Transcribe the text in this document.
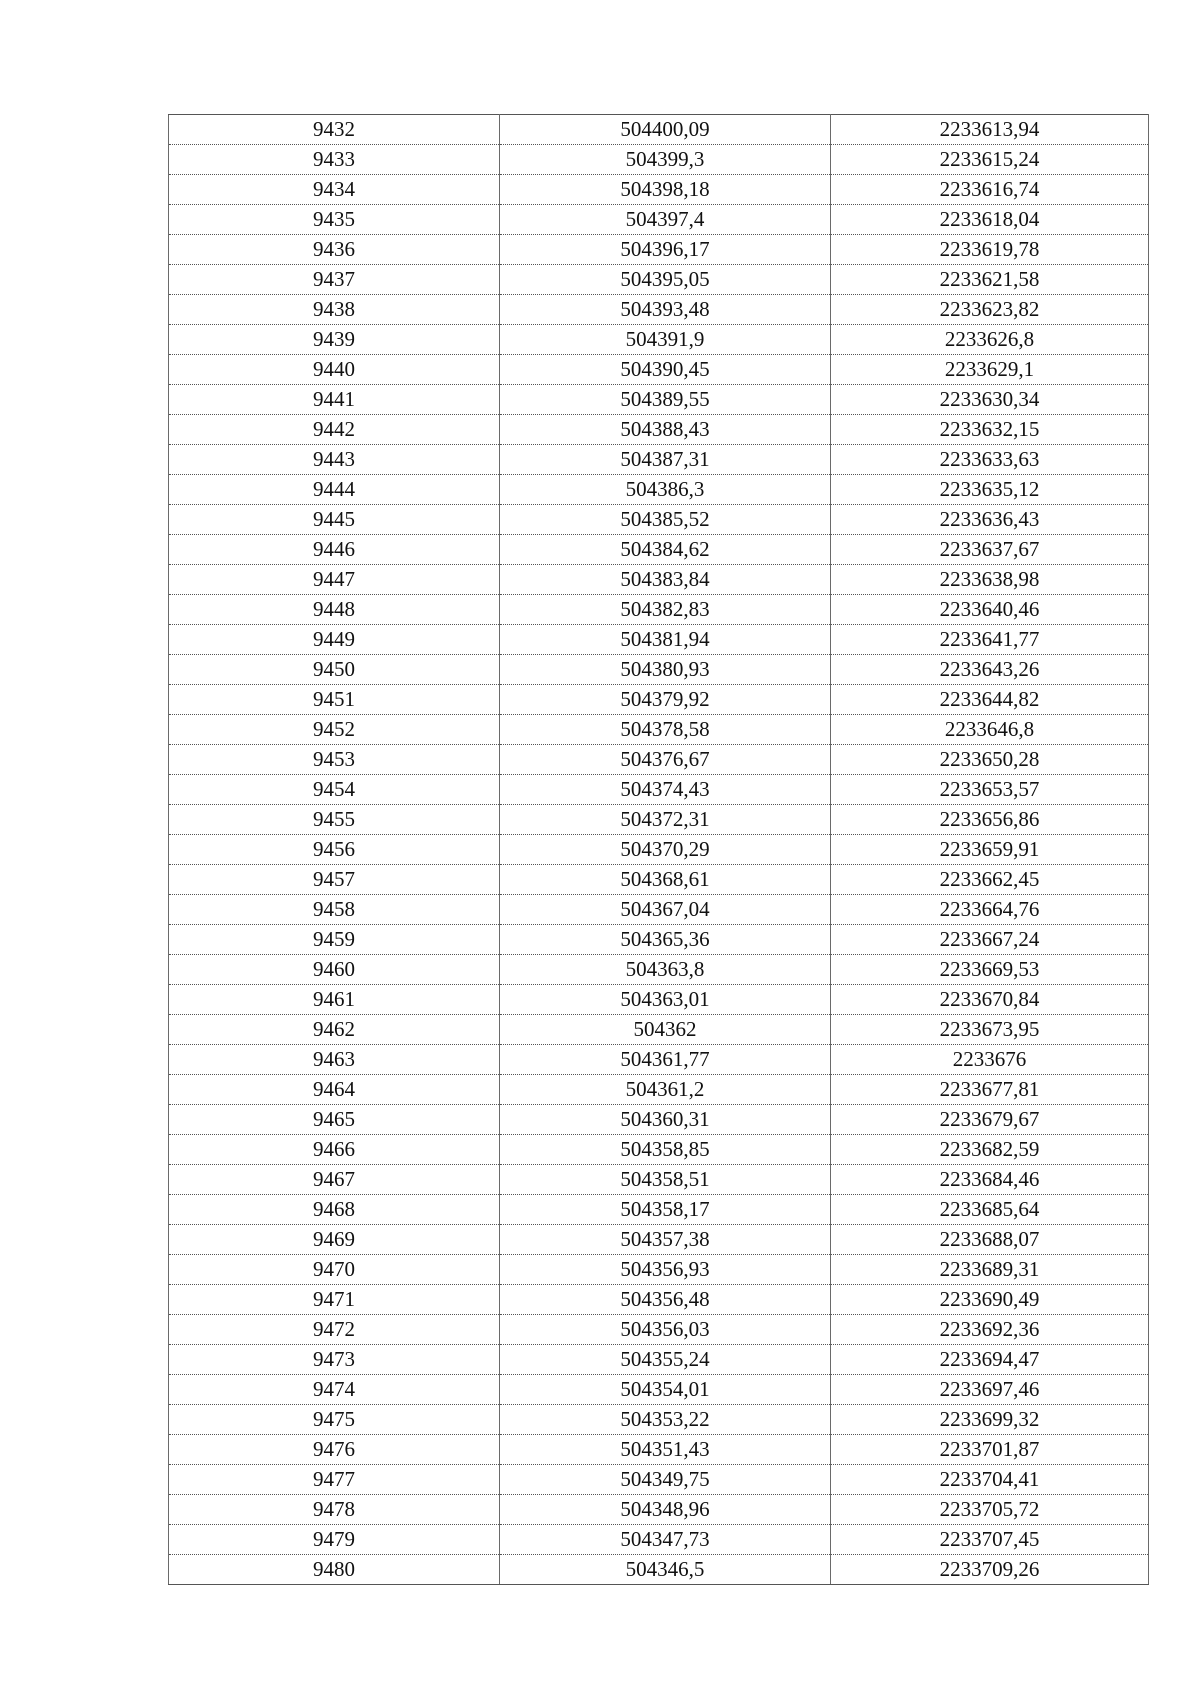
9432	504400,09	2233613,94
9433	504399,3	2233615,24
9434	504398,18	2233616,74
9435	504397,4	2233618,04
9436	504396,17	2233619,78
9437	504395,05	2233621,58
9438	504393,48	2233623,82
9439	504391,9	2233626,8
9440	504390,45	2233629,1
9441	504389,55	2233630,34
9442	504388,43	2233632,15
9443	504387,31	2233633,63
9444	504386,3	2233635,12
9445	504385,52	2233636,43
9446	504384,62	2233637,67
9447	504383,84	2233638,98
9448	504382,83	2233640,46
9449	504381,94	2233641,77
9450	504380,93	2233643,26
9451	504379,92	2233644,82
9452	504378,58	2233646,8
9453	504376,67	2233650,28
9454	504374,43	2233653,57
9455	504372,31	2233656,86
9456	504370,29	2233659,91
9457	504368,61	2233662,45
9458	504367,04	2233664,76
9459	504365,36	2233667,24
9460	504363,8	2233669,53
9461	504363,01	2233670,84
9462	504362	2233673,95
9463	504361,77	2233676
9464	504361,2	2233677,81
9465	504360,31	2233679,67
9466	504358,85	2233682,59
9467	504358,51	2233684,46
9468	504358,17	2233685,64
9469	504357,38	2233688,07
9470	504356,93	2233689,31
9471	504356,48	2233690,49
9472	504356,03	2233692,36
9473	504355,24	2233694,47
9474	504354,01	2233697,46
9475	504353,22	2233699,32
9476	504351,43	2233701,87
9477	504349,75	2233704,41
9478	504348,96	2233705,72
9479	504347,73	2233707,45
9480	504346,5	2233709,26
